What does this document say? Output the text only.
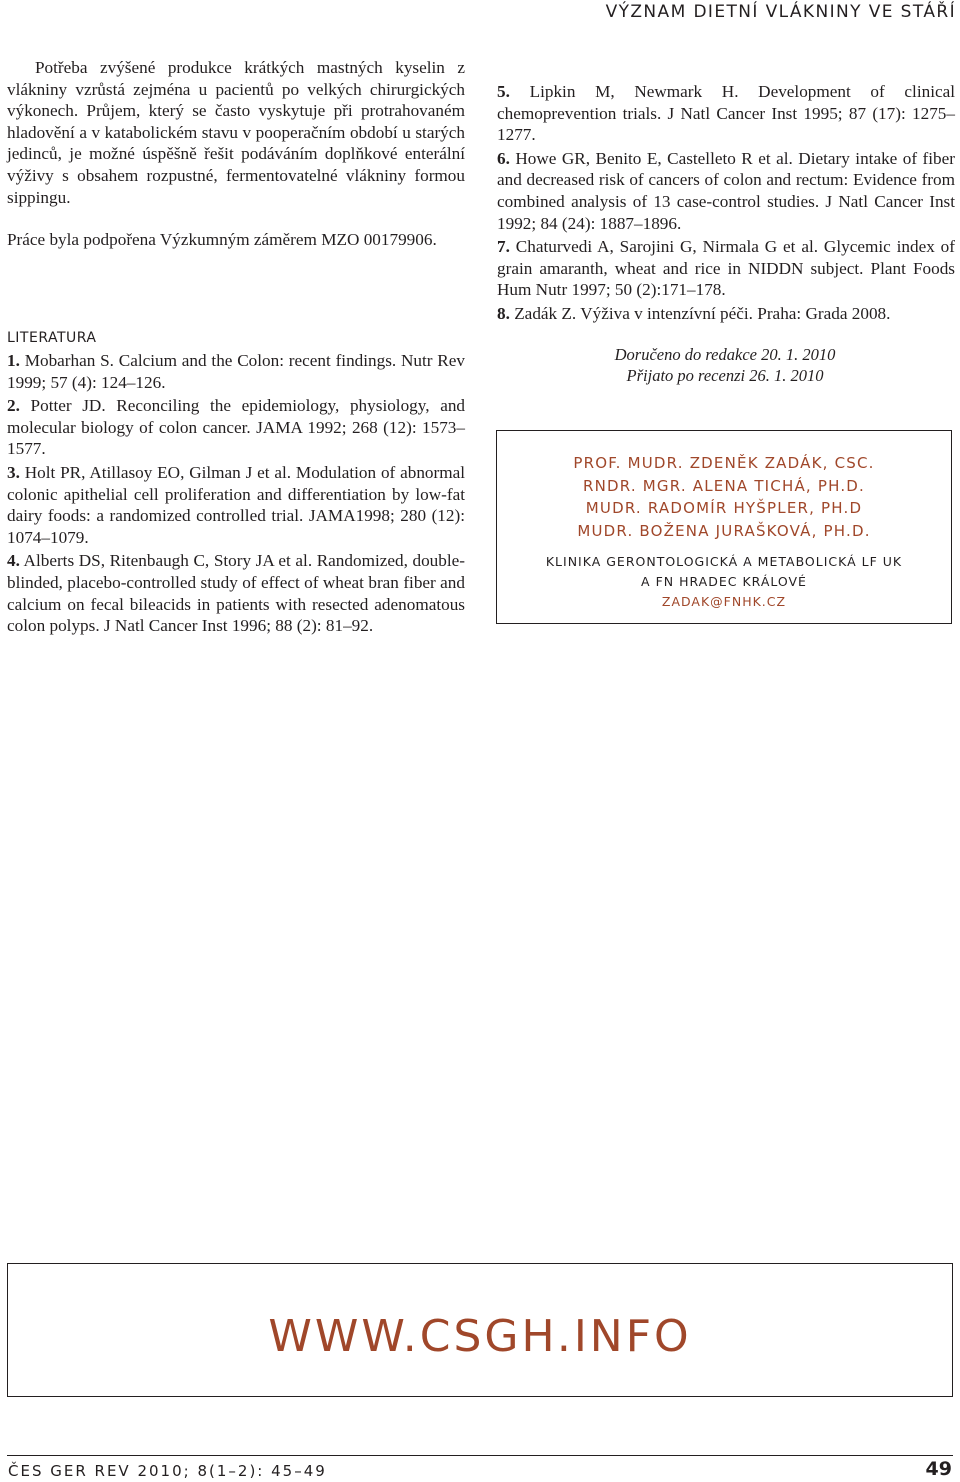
VÝZNAM DIETNÍ VLÁKNINY VE STÁŘÍ

Potřeba zvýšené produkce krátkých mastných kyselin z vlákniny vzrůstá zejména u pacientů po velkých chirurgických výkonech. Průjem, který se často vyskytuje při protrahovaném hladovění a v katabolickém stavu v pooperačním období u starých jedinců, je možné úspěšně řešit podáváním doplňkové enterální výživy s obsahem rozpustné, fermentovatelné vlákniny formou sippingu.

Práce byla podpořena Výzkumným záměrem MZO 00179906.

LITERATURA
1. Mobarhan S. Calcium and the Colon: recent findings. Nutr Rev 1999; 57 (4): 124–126.
2. Potter JD. Reconciling the epidemiology, physiology, and molecular biology of colon cancer. JAMA 1992; 268 (12): 1573–1577.
3. Holt PR, Atillasoy EO, Gilman J et al. Modulation of abnormal colonic apithelial cell proliferation and differentiation by low-fat dairy foods: a randomized controlled trial. JAMA1998; 280 (12): 1074–1079.
4. Alberts DS, Ritenbaugh C, Story JA et al. Randomized, double-blinded, placebo-controlled study of effect of wheat bran fiber and calcium on fecal bileacids in patients with resected adenomatous colon polyps. J Natl Cancer Inst 1996; 88 (2): 81–92.
5. Lipkin M, Newmark H. Development of clinical chemoprevention trials. J Natl Cancer Inst 1995; 87 (17): 1275–1277.
6. Howe GR, Benito E, Castelleto R et al. Dietary intake of fiber and decreased risk of cancers of colon and rectum: Evidence from combined analysis of 13 case-control studies. J Natl Cancer Inst 1992; 84 (24): 1887–1896.
7. Chaturvedi A, Sarojini G, Nirmala G et al. Glycemic index of grain amaranth, wheat and rice in NIDDN subject. Plant Foods Hum Nutr 1997; 50 (2):171–178.
8. Zadák Z. Výživa v intenzívní péči. Praha: Grada 2008.
Doručeno do redakce 20. 1. 2010
Přijato po recenzi 26. 1. 2010
PROF. MUDR. ZDENĚK ZADÁK, CSC.
RNDR. MGR. ALENA TICHÁ, PH.D.
MUDR. RADOMÍR HYŠPLER, PH.D
MUDR. BOŽENA JURAŠKOVÁ, PH.D.
KLINIKA GERONTOLOGICKÁ A METABOLICKÁ LF UK
A FN HRADEC KRÁLOVÉ
ZADAK@FNHK.CZ
WWW.CSGH.INFO
ČES GER REV 2010; 8(1–2): 45–49	49
